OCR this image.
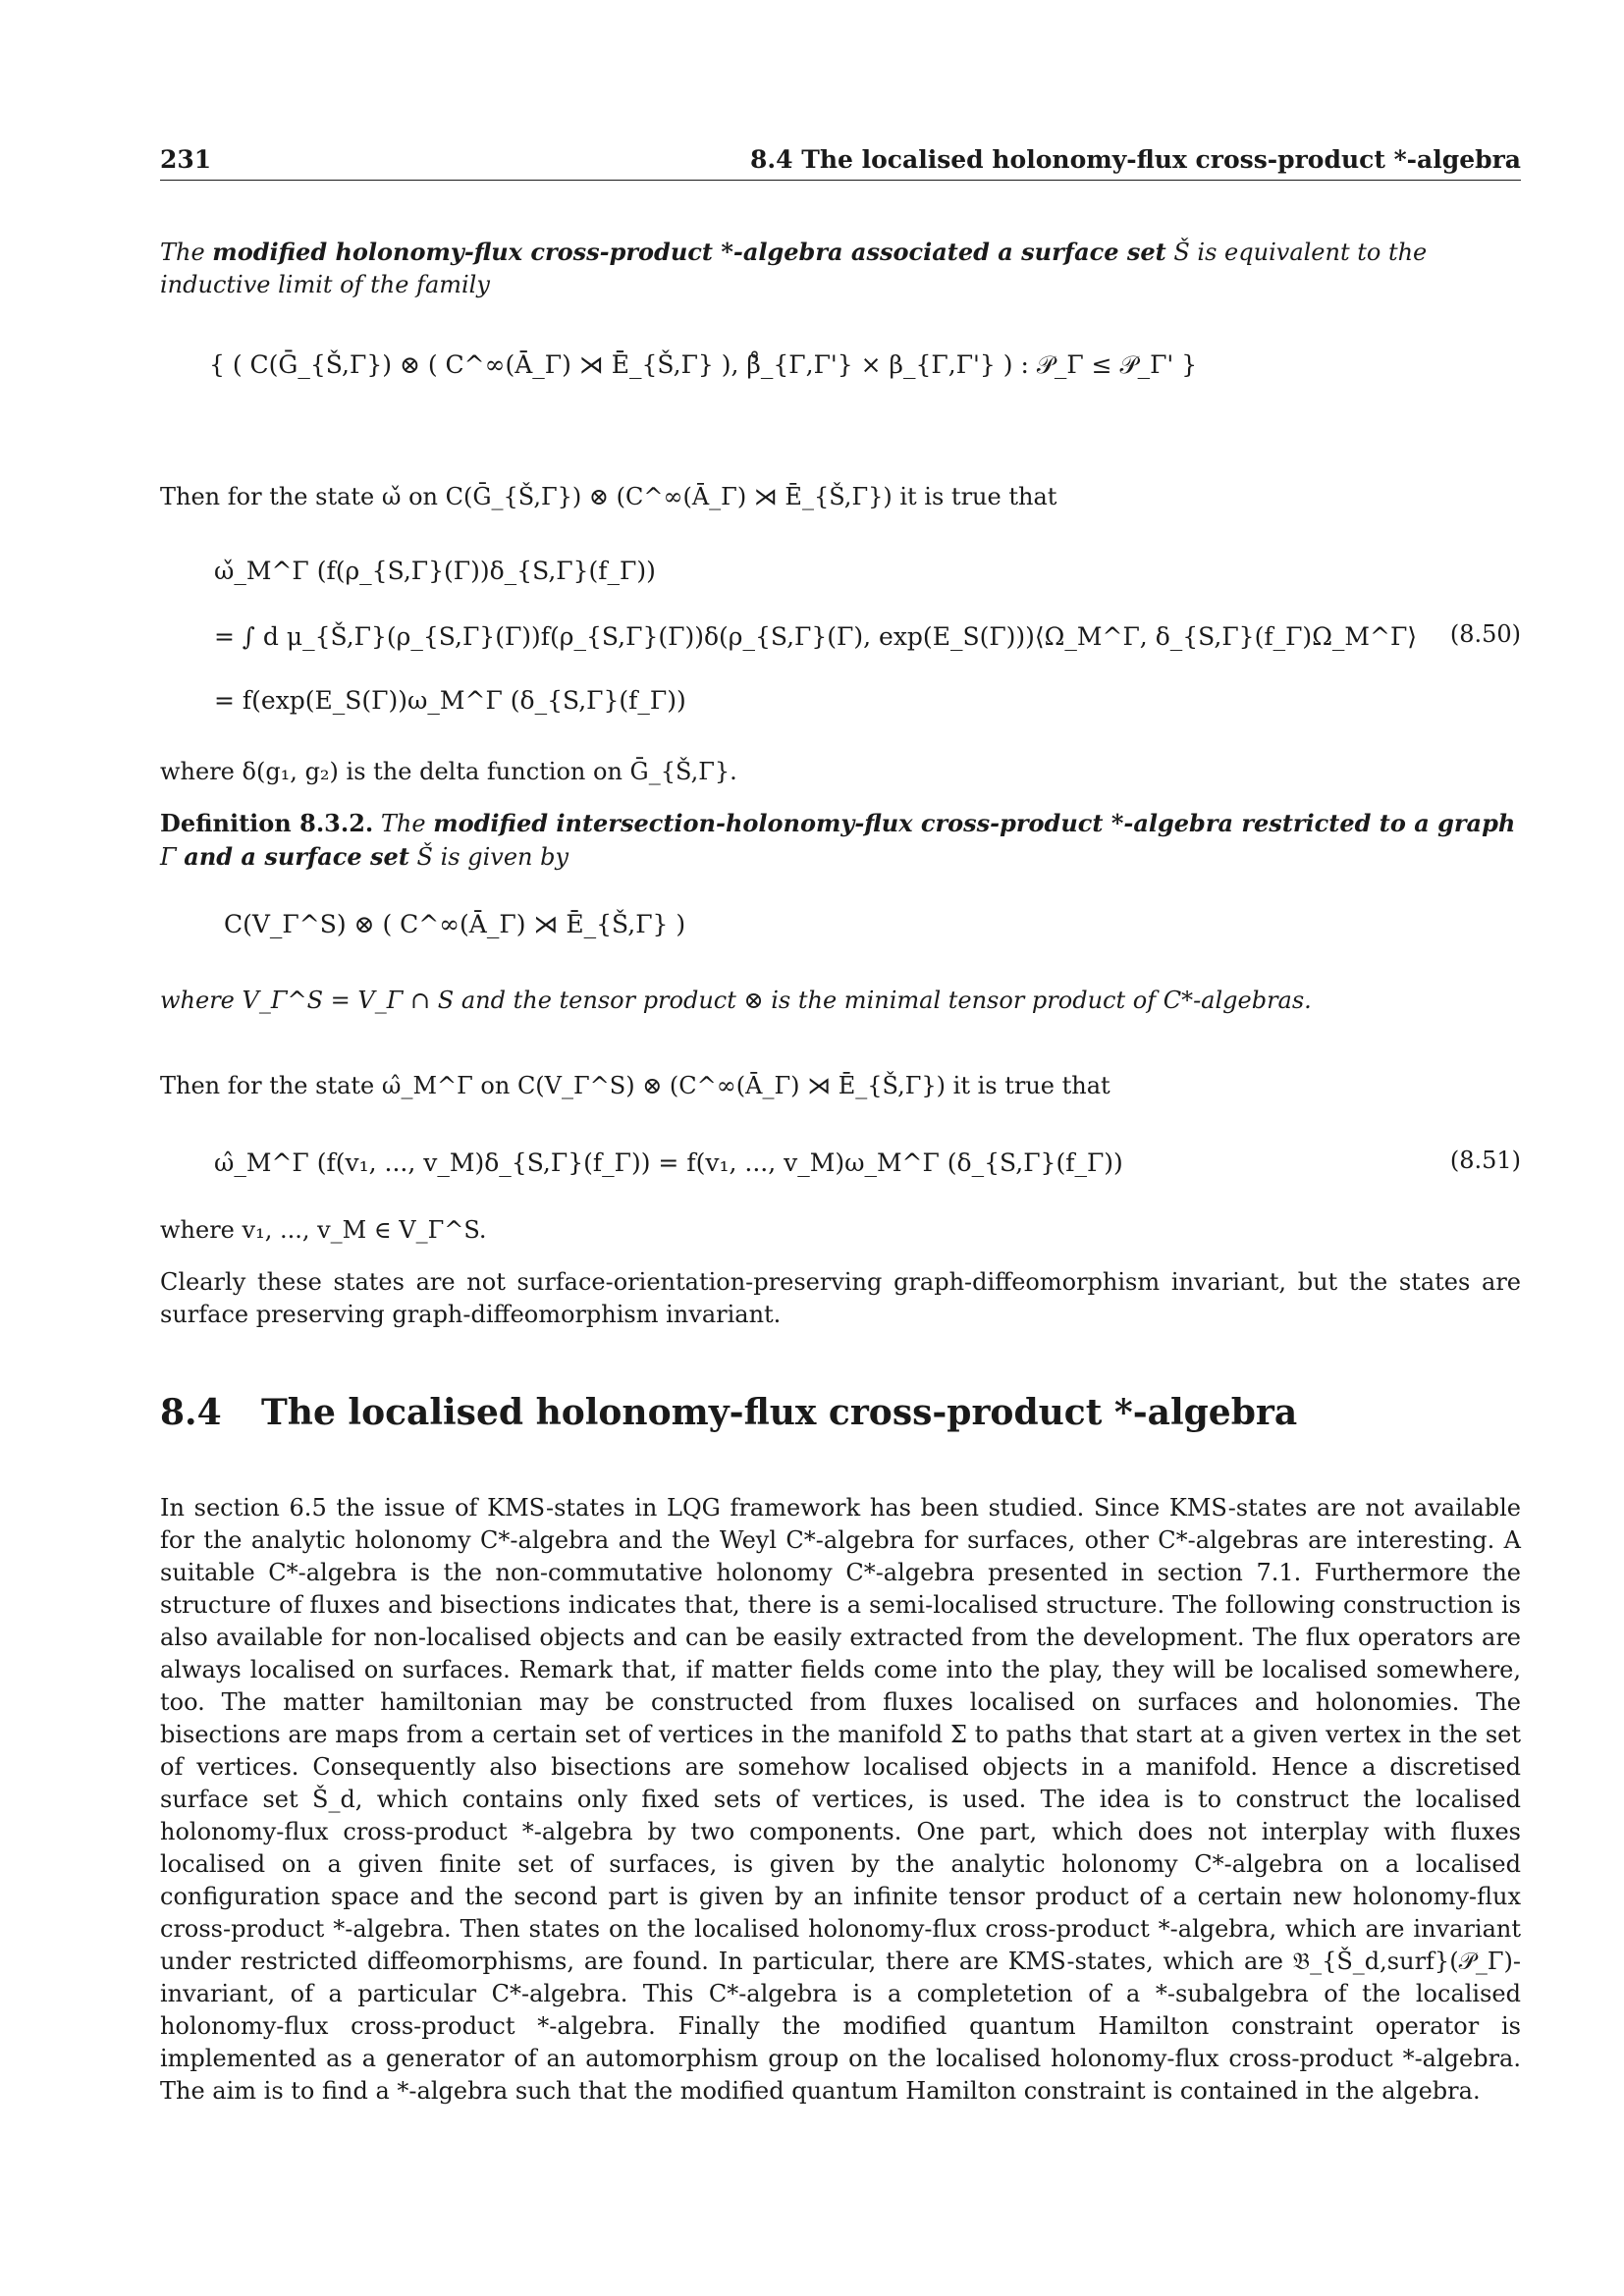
231	8.4 The localised holonomy-flux cross-product *-algebra
The modified holonomy-flux cross-product *-algebra associated a surface set Š is equivalent to the inductive limit of the family
{ ( C(Ḡ_{Š,Γ}) ⊗ ( C^∞(Ā_Γ) ⋊ Ē_{Š,Γ} ), β̊_{Γ,Γ'} × β_{Γ,Γ'} ) : 𝒫_Γ ≤ 𝒫_Γ' }
Then for the state ω̌ on C(Ḡ_{Š,Γ}) ⊗ (C^∞(Ā_Γ) ⋊ Ē_{Š,Γ}) it is true that
ω̌_M^Γ (f(ρ_{S,Γ}(Γ))δ_{S,Γ}(f_Γ))
= ∫ d μ_{Š,Γ}(ρ_{S,Γ}(Γ))f(ρ_{S,Γ}(Γ))δ(ρ_{S,Γ}(Γ), exp(E_S(Γ)))⟨Ω_M^Γ, δ_{S,Γ}(f_Γ)Ω_M^Γ⟩
= f(exp(E_S(Γ))ω_M^Γ (δ_{S,Γ}(f_Γ))
(8.50)
where δ(g₁, g₂) is the delta function on Ḡ_{Š,Γ}.
Definition 8.3.2. The modified intersection-holonomy-flux cross-product *-algebra restricted to a graph Γ and a surface set Š is given by
C(V_Γ^S) ⊗ ( C^∞(Ā_Γ) ⋊ Ē_{Š,Γ} )
where V_Γ^S = V_Γ ∩ S and the tensor product ⊗ is the minimal tensor product of C*-algebras.
Then for the state ω̂_M^Γ on C(V_Γ^S) ⊗ (C^∞(Ā_Γ) ⋊ Ē_{Š,Γ}) it is true that
ω̂_M^Γ (f(v₁, ..., v_M)δ_{S,Γ}(f_Γ)) = f(v₁, ..., v_M)ω_M^Γ (δ_{S,Γ}(f_Γ))	(8.51)
where v₁, ..., v_M ∈ V_Γ^S.
Clearly these states are not surface-orientation-preserving graph-diffeomorphism invariant, but the states are surface preserving graph-diffeomorphism invariant.
8.4 The localised holonomy-flux cross-product *-algebra
In section 6.5 the issue of KMS-states in LQG framework has been studied. Since KMS-states are not available for the analytic holonomy C*-algebra and the Weyl C*-algebra for surfaces, other C*-algebras are interesting. A suitable C*-algebra is the non-commutative holonomy C*-algebra presented in section 7.1. Furthermore the structure of fluxes and bisections indicates that, there is a semi-localised structure. The following construction is also available for non-localised objects and can be easily extracted from the development. The flux operators are always localised on surfaces. Remark that, if matter fields come into the play, they will be localised somewhere, too. The matter hamiltonian may be constructed from fluxes localised on surfaces and holonomies. The bisections are maps from a certain set of vertices in the manifold Σ to paths that start at a given vertex in the set of vertices. Consequently also bisections are somehow localised objects in a manifold. Hence a discretised surface set Š_d, which contains only fixed sets of vertices, is used. The idea is to construct the localised holonomy-flux cross-product *-algebra by two components. One part, which does not interplay with fluxes localised on a given finite set of surfaces, is given by the analytic holonomy C*-algebra on a localised configuration space and the second part is given by an infinite tensor product of a certain new holonomy-flux cross-product *-algebra. Then states on the localised holonomy-flux cross-product *-algebra, which are invariant under restricted diffeomorphisms, are found. In particular, there are KMS-states, which are 𝔅_{Š_d,surf}(𝒫_Γ)-invariant, of a particular C*-algebra. This C*-algebra is a completetion of a *-subalgebra of the localised holonomy-flux cross-product *-algebra. Finally the modified quantum Hamilton constraint operator is implemented as a generator of an automorphism group on the localised holonomy-flux cross-product *-algebra. The aim is to find a *-algebra such that the modified quantum Hamilton constraint is contained in the algebra.
